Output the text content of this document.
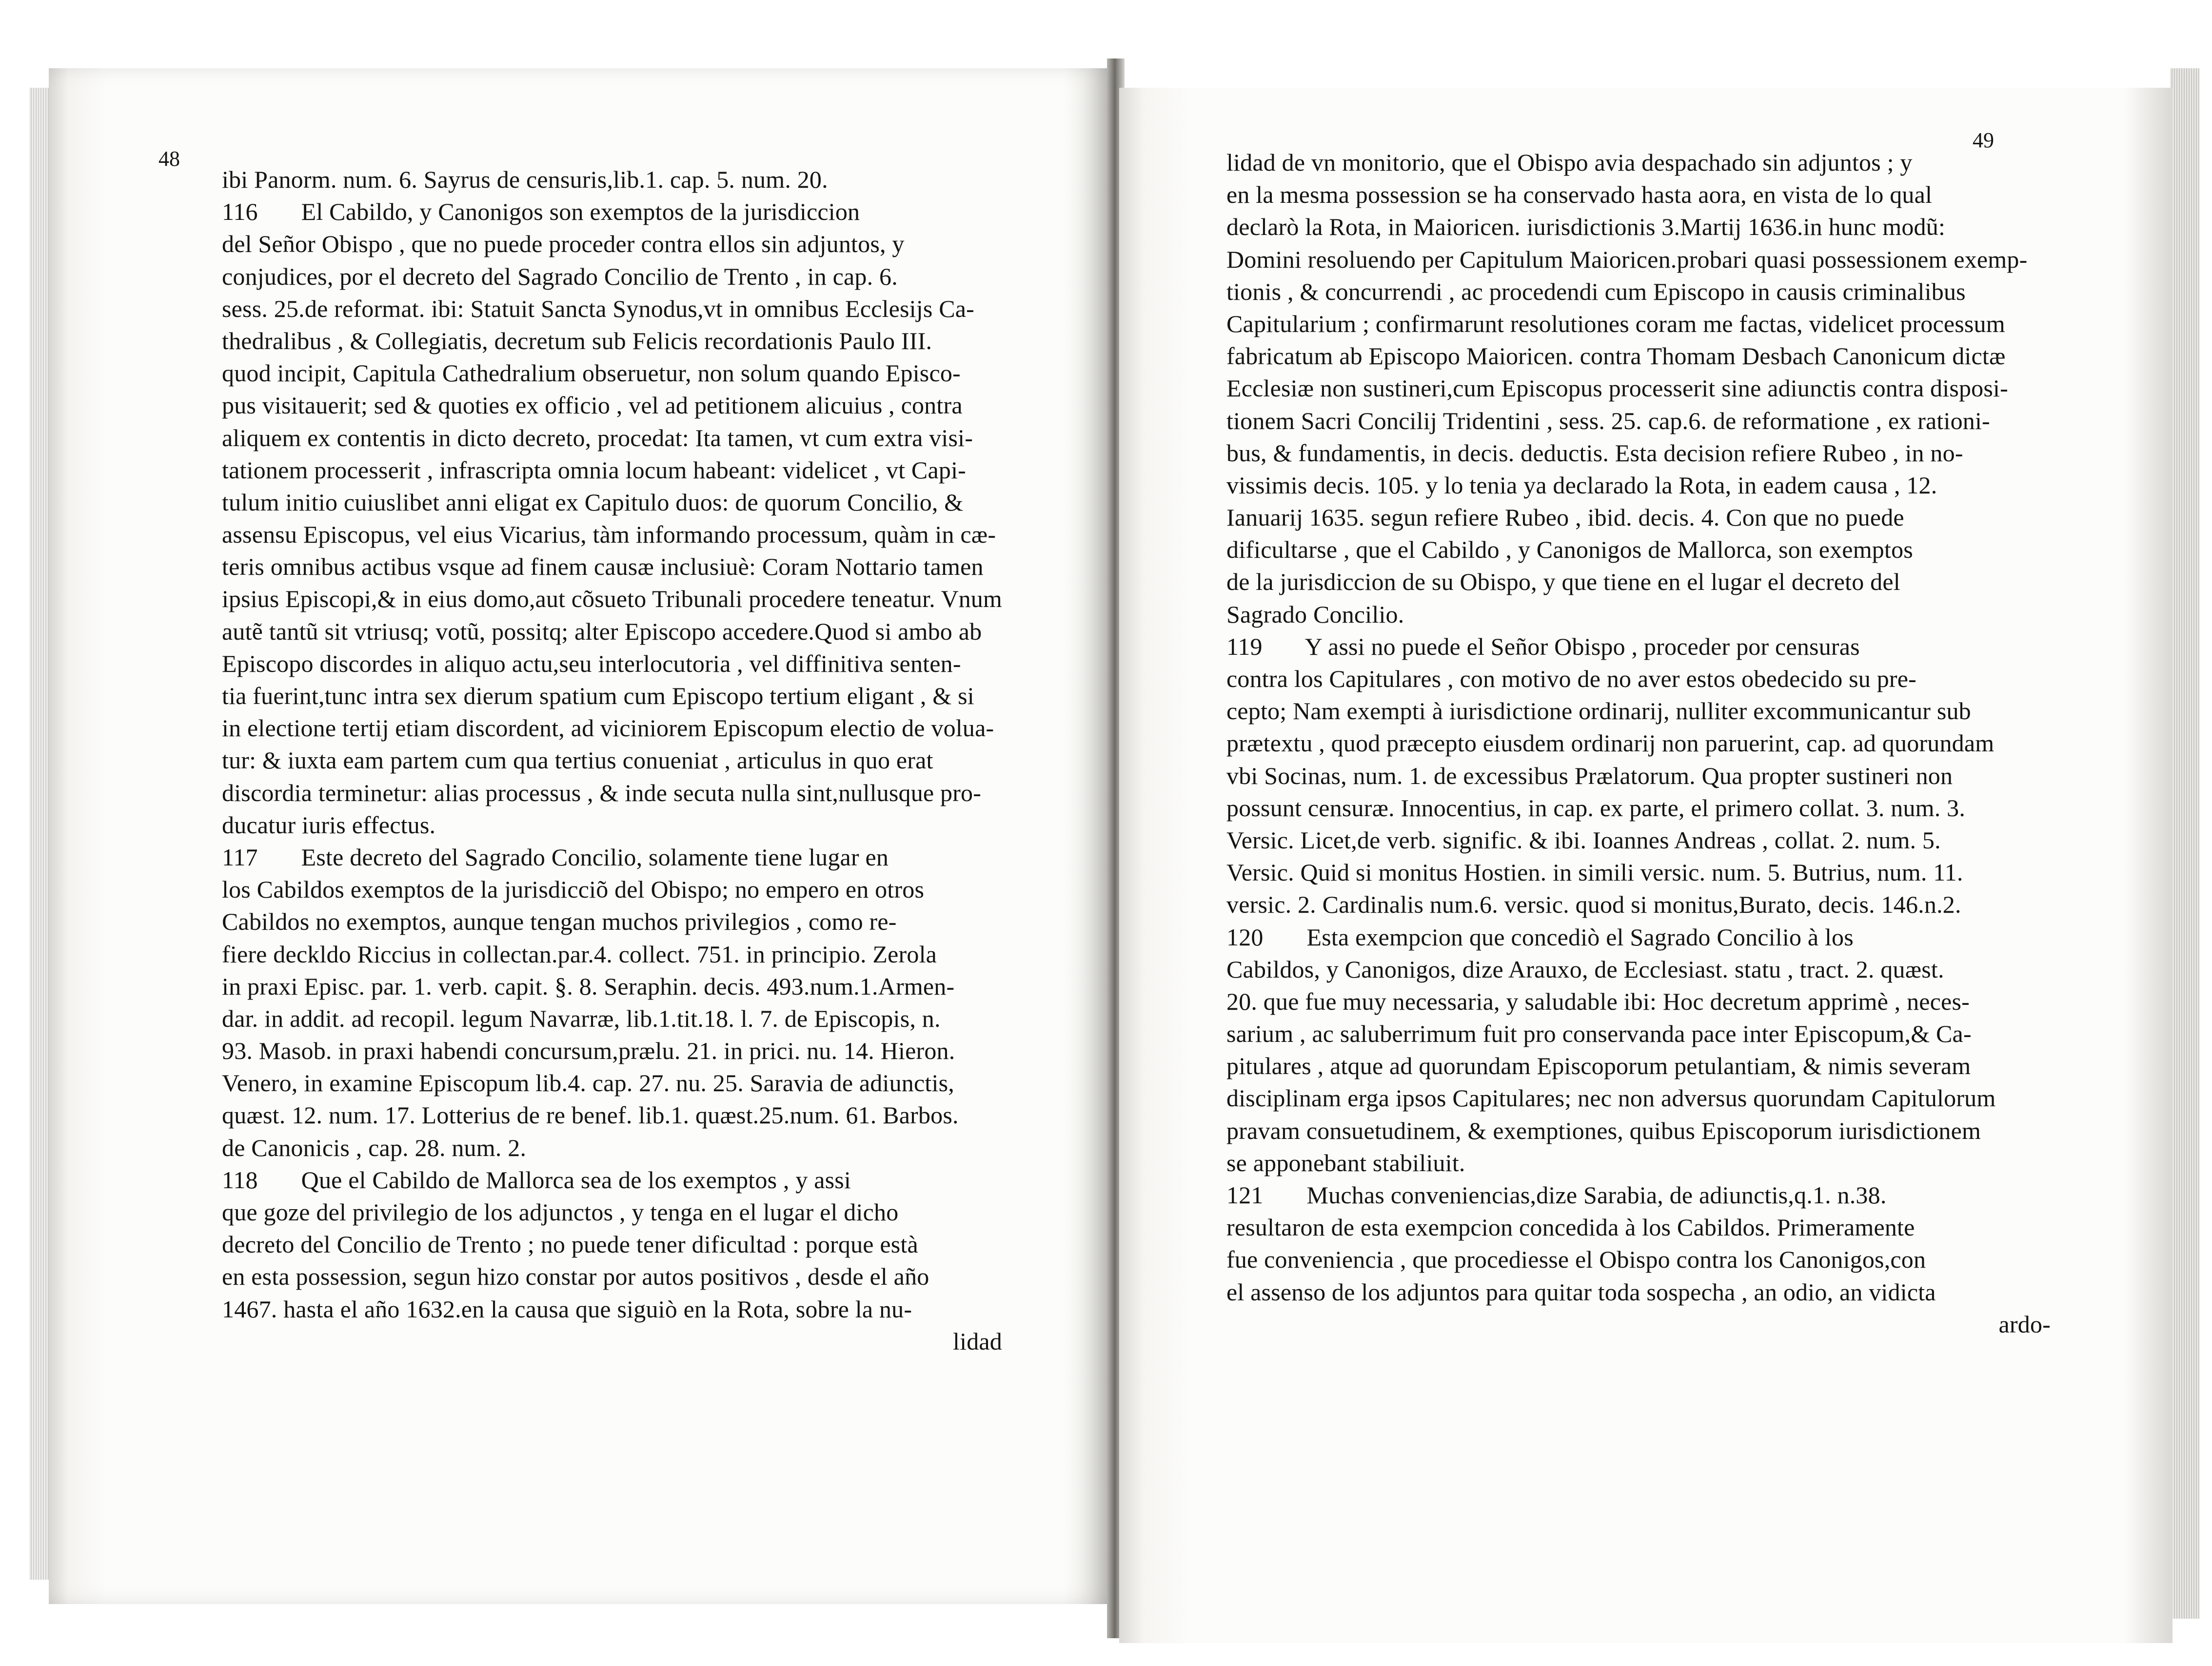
48
49
ibi Panorm. num. 6. Sayrus de censuris,lib.1. cap. 5. num. 20.
116       El Cabildo, y Canonigos son exemptos de la jurisdiccion
del Señor Obispo , que no puede proceder contra ellos sin adjuntos, y
conjudices, por el decreto del Sagrado Concilio de Trento , in cap. 6.
sess. 25.de reformat. ibi: Statuit Sancta Synodus,vt in omnibus Ecclesijs Ca-
thedralibus , & Collegiatis, decretum sub Felicis recordationis Paulo III.
quod incipit, Capitula Cathedralium obseruetur, non solum quando Episco-
pus visitauerit; sed & quoties ex officio , vel ad petitionem alicuius , contra
aliquem ex contentis in dicto decreto, procedat: Ita tamen, vt cum extra visi-
tationem processerit , infrascripta omnia locum habeant: videlicet , vt Capi-
tulum initio cuiuslibet anni eligat ex Capitulo duos: de quorum Concilio, &
assensu Episcopus, vel eius Vicarius, tàm informando processum, quàm in cæ-
teris omnibus actibus vsque ad finem causæ inclusiuè: Coram Nottario tamen
ipsius Episcopi,& in eius domo,aut cõsueto Tribunali procedere teneatur. Vnum
autẽ tantũ sit vtriusq; votũ, possitq; alter Episcopo accedere.Quod si ambo ab
Episcopo discordes in aliquo actu,seu interlocutoria , vel diffinitiva senten-
tia fuerint,tunc intra sex dierum spatium cum Episcopo tertium eligant , & si
in electione tertij etiam discordent, ad viciniorem Episcopum electio de volua-
tur: & iuxta eam partem cum qua tertius conueniat , articulus in quo erat
discordia terminetur: alias processus , & inde secuta nulla sint,nullusque pro-
ducatur iuris effectus.
117       Este decreto del Sagrado Concilio, solamente tiene lugar en
los Cabildos exemptos de la jurisdicciõ del Obispo; no empero en otros
Cabildos no exemptos, aunque tengan muchos privilegios , como re-
fiere deckldo Riccius in collectan.par.4. collect. 751. in principio. Zerola
in praxi Episc. par. 1. verb. capit. §. 8. Seraphin. decis. 493.num.1.Armen-
dar. in addit. ad recopil. legum Navarræ, lib.1.tit.18. l. 7. de Episcopis, n.
93. Masob. in praxi habendi concursum,prælu. 21. in prici. nu. 14. Hieron.
Venero, in examine Episcopum lib.4. cap. 27. nu. 25. Saravia de adiunctis,
quæst. 12. num. 17. Lotterius de re benef. lib.1. quæst.25.num. 61. Barbos.
de Canonicis , cap. 28. num. 2.
118       Que el Cabildo de Mallorca sea de los exemptos , y assi
que goze del privilegio de los adjunctos , y tenga en el lugar el dicho
decreto del Concilio de Trento ; no puede tener dificultad : porque està
en esta possession, segun hizo constar por autos positivos , desde el año
1467. hasta el año 1632.en la causa que siguiò en la Rota, sobre la nu-
lidad
lidad de vn monitorio, que el Obispo avia despachado sin adjuntos ; y
en la mesma possession se ha conservado hasta aora, en vista de lo qual
declarò la Rota, in Maioricen. iurisdictionis 3.Martij 1636.in hunc modũ:
Domini resoluendo per Capitulum Maioricen.probari quasi possessionem exemp-
tionis , & concurrendi , ac procedendi cum Episcopo in causis criminalibus
Capitularium ; confirmarunt resolutiones coram me factas, videlicet processum
fabricatum ab Episcopo Maioricen. contra Thomam Desbach Canonicum dictæ
Ecclesiæ non sustineri,cum Episcopus processerit sine adiunctis contra disposi-
tionem Sacri Concilij Tridentini , sess. 25. cap.6. de reformatione , ex rationi-
bus, & fundamentis, in decis. deductis. Esta decision refiere Rubeo , in no-
vissimis decis. 105. y lo tenia ya declarado la Rota, in eadem causa , 12.
Ianuarij 1635. segun refiere Rubeo , ibid. decis. 4. Con que no puede
dificultarse , que el Cabildo , y Canonigos de Mallorca, son exemptos
de la jurisdiccion de su Obispo, y que tiene en el lugar el decreto del
Sagrado Concilio.
119       Y assi no puede el Señor Obispo , proceder por censuras
contra los Capitulares , con motivo de no aver estos obedecido su pre-
cepto; Nam exempti à iurisdictione ordinarij, nulliter excommunicantur sub
prætextu , quod præcepto eiusdem ordinarij non paruerint, cap. ad quorundam
vbi Socinas, num. 1. de excessibus Prælatorum. Qua propter sustineri non
possunt censuræ. Innocentius, in cap. ex parte, el primero collat. 3. num. 3.
Versic. Licet,de verb. signific. & ibi. Ioannes Andreas , collat. 2. num. 5.
Versic. Quid si monitus Hostien. in simili versic. num. 5. Butrius, num. 11.
versic. 2. Cardinalis num.6. versic. quod si monitus,Burato, decis. 146.n.2.
120       Esta exempcion que concediò el Sagrado Concilio à los
Cabildos, y Canonigos, dize Arauxo, de Ecclesiast. statu , tract. 2. quæst.
20. que fue muy necessaria, y saludable ibi: Hoc decretum apprimè , neces-
sarium , ac saluberrimum fuit pro conservanda pace inter Episcopum,& Ca-
pitulares , atque ad quorundam Episcoporum petulantiam, & nimis severam
disciplinam erga ipsos Capitulares; nec non adversus quorundam Capitulorum
pravam consuetudinem, & exemptiones, quibus Episcoporum iurisdictionem
se apponebant stabiliuit.
121       Muchas conveniencias,dize Sarabia, de adiunctis,q.1. n.38.
resultaron de esta exempcion concedida à los Cabildos. Primeramente
fue conveniencia , que procediesse el Obispo contra los Canonigos,con
el assenso de los adjuntos para quitar toda sospecha , an odio, an vidicta
ardo-
